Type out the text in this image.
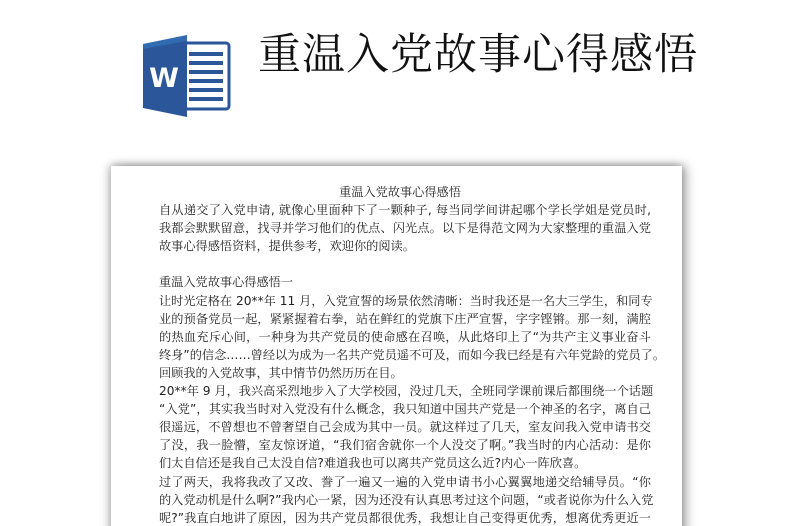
W 重温入党故事心得感悟

重温入党故事心得感悟

自从递交了入党申请, 就像心里面种下了一颗种子, 每当同学间讲起哪个学长学姐是党员时,
我都会默默留意，找寻并学习他们的优点、闪光点。以下是得范文网为大家整理的重温入党
故事心得感悟资料，提供参考，欢迎你的阅读。
重温入党故事心得感悟一
让时光定格在 20**年 11 月，入党宣誓的场景依然清晰：当时我还是一名大三学生，和同专
业的预备党员一起，紧紧握着右拳，站在鲜红的党旗下庄严宣誓，字字铿锵。那一刻，满腔
的热血充斥心间，一种身为共产党员的使命感在召唤，从此烙印上了“为共产主义事业奋斗
终身”的信念……曾经以为成为一名共产党员遥不可及，而如今我已经是有六年党龄的党员了。
回顾我的入党故事，其中情节仍然历历在目。
20**年 9 月，我兴高采烈地步入了大学校园，没过几天，全班同学课前课后都围绕一个话题
“入党”，其实我当时对入党没有什么概念，我只知道中国共产党是一个神圣的名字，离自己
很遥远，不曾想也不曾奢望自己会成为其中一员。就这样过了几天，室友问我入党申请书交
了没，我一脸懵，室友惊讶道，“我们宿舍就你一个人没交了啊。”我当时的内心活动：是你
们太自信还是我自己太没自信?难道我也可以离共产党员这么近?内心一阵欣喜。
过了两天，我将我改了又改、誊了一遍又一遍的入党申请书小心翼翼地递交给辅导员。“你
的入党动机是什么啊?”我内心一紧，因为还没有认真思考过这个问题，“或者说你为什么入党
呢?”我直白地讲了原因，因为共产党员都很优秀，我想让自己变得更优秀，想离优秀更近一
